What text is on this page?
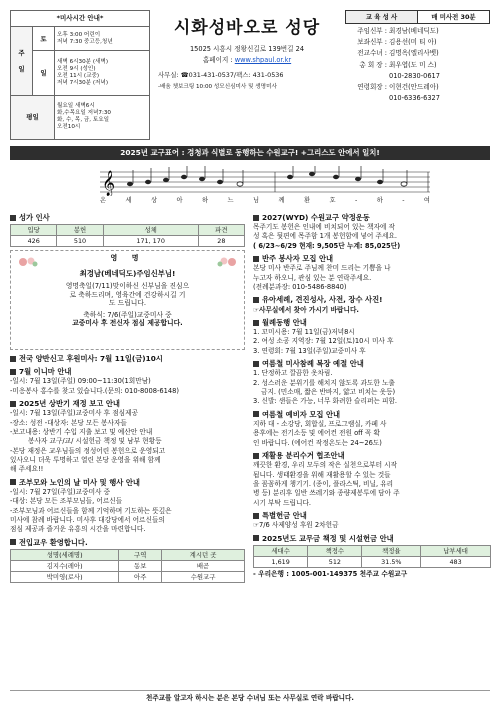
*미사시간 안내*		
주

일	토	오후 3:00 어린이
저녁 7:30 중고등,청년
	일	새벽 6시30분 (새벽)
오전 9시 (성인)
오전 11시 (교중)
저녁 7시30분 (저녁)
평일		월요일 새벽6시
화,수목요일 저녁7:30
화, 수, 목, 금, 토요일
오전10시
시화성바오로 성당
15025 시흥시 정왕신길로 139번길 24
홈페이지 : www.shpaul.or.kr
사무실: ☎031-431-0537/팩스: 431-0536
-배움 쳇보크팅 10:00 성모신심미사 및 생명미사
교 육 성 사	매 미사전 30분
주임신부 : 최경남(베네딕도)
보좌신부 : 김용선(미 티 아)
전교수녀 : 김명옥(엘리사벳)
총 회 장 : 최우엽(도 미 스)
010-2830-0617
연령회장 : 이현건(안드레아)
010-6336-6327
2025년 교구표어 : 경청과 식별로 동행하는 수원교구! +그리스도 안에서 일치!
𝄞
온	세	상	아	하	느	님	께	환	호	-	하	-	여
성가 인사
입당	봉헌	성체	파견
426	510	171, 170	28
영 명
최경남(베네딕도)주임신부님!
영명축일(7/11)맞이하신 신부님을 진심으
로 축하드리며, 영육간에 건강하시길 기
도 드립니다.
축하식: 7/6(주일)교중미사 중
교중미사 후 전신자 점심 제공합니다.
전국 양반신고 후원미사: 7월 11일(금)10시
7월 이니마 안내
-일시: 7월 13일(주일) 09:00~11:30(1회만남)
-미응봉사 홍수를 찾고 있습니다.(문의: 010-8008-6148)
2025년 상반기 재정 보고 안내
-일시: 7월 13일(주일)교중미사 후 점심제공
-장소: 성전 -대상자: 본당 모든 봉사자들
-보고내용: 상반기 수입 지출 보고 및 예산안 안내
봉사자 교구/교/ 시설헌금 책정 및 남부 현황등
-본당 재정은 교우님들의 정성어린 봉헌으로 운영되고
있사오니 더욱 투명하고 열린 본당 운영을 위해 함께
해 주세요!!
조부모와 노인의 날 미사 및 행사 안내
-일시: 7월 27일(주일)교중미사 중
-대상: 본당 모든 조부모님들, 어르신들
-조부모님과 어르신들을 함께 기억하며 기도하는 뜻깊은
미사에 참례 바랍니다. 미사후 대강당에서 어르신들의
점심 제공과 즐거운 유흥의 시간을 마련합니다.
전입교우 환영합니다.
성명(세례명)	구역	계시던 곳
김지수(레아)	동보	배곧
박미영(로사)	아주	수원교구
2027(WYD) 수원교구 약정운동
목주기도 봉헌은 인내에 비치되어 있는 책자에 작
성 혹은 뒷편에 목주함 1개 봉헌함에 넣어 주세요.
( 6/23~6/29 현재: 9,505단 누계: 85,025단)
반주 봉사자 모집 안내
본당 미사 반주로 주님께 찬미 드리는 기쁨을 나
누고자 하오니, 관심 있는 분 연락주세요.
(전례분과장: 010-5486-8840)
유아세례, 견진성사, 사전, 장수 사진!
☞사무실에서 찾아 가시기 바랍니다.
월례동행 안내
1. 꼬미시용: 7월 11일(금)저녁8시
2. 여성 소공 지역장: 7월 12일(토)10시 미사 후
3. 연령회: 7월 13일(주일)교중미사 후
여름철 미사참례 복장 예절 안내
1. 단정하고 깔끔한 옷차림.
2. 성스러운 분위기를 해치지 않도록 과도한 노출
금지. (민소매, 짧은 반바지, 얇고 비치는 옷등)
3. 신발: 샌들은 가능, 너무 화려한 슬리퍼는 피함.
여름철 예비자 모집 안내
지하 대 - 소강당, 회합실, 프로그램실, 카페 사
용후에는 전기소등 및 에어컨 전원 off 꼭 확
인 바랍니다. (에어컨 작정온도는 24~26도)
재활용 분리수거 협조안내
깨끗한 환경, 우리 모두의 작은 실천으로부터 시작
됩니다. 생태환경을 위해 재활용할 수 있는 것들
을 꼼꼼하게 챙기기. (종이, 플라스틱, 비닐, 유리
병 등) 분리후 일반 쓰레기와 종량제봉투에 담아 주
시기 부탁 드립니다.
특별헌금 안내
☞7/6 사제양성 후원 2차헌금
2025년도 교무금 책정 및 시설헌금 안내
세대수	책정수	책정율	납부세대
1,619	512	31.5%	483
- 우리은행 : 1005-001-149375 천주교 수원교구
천주교를 알고자 하시는 분은 본당 수녀님 또는 사무실로 연락 바랍니다.
